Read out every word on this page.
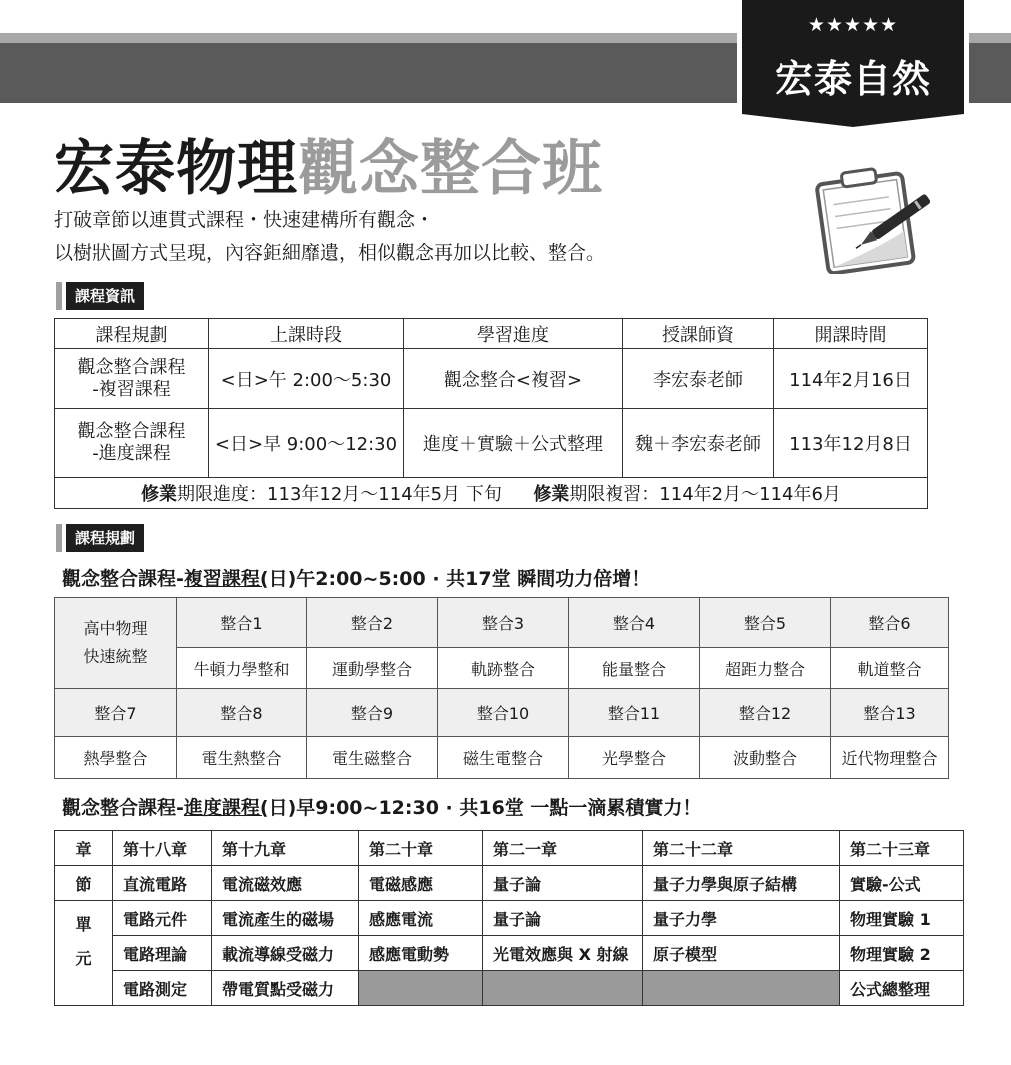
★★★★★
宏泰自然
宏泰物理觀念整合班
打破章節以連貫式課程・快速建構所有觀念・
以樹狀圖方式呈現，內容鉅細靡遺，相似觀念再加以比較、整合。
課程資訊
課程規劃	上課時段	學習進度	授課師資	開課時間

觀念整合課程
-複習課程	<日>午 2:00～5:30	觀念整合<複習>	李宏泰老師	114年2月16日

觀念整合課程
-進度課程	<日>早 9:00～12:30	進度＋實驗＋公式整理	魏＋李宏泰老師	113年12月8日
修業期限進度：113年12月～114年5月 下旬 修業期限複習：114年2月～114年6月				
課程規劃
觀念整合課程-複習課程(日)午2:00~5:00 · 共17堂 瞬間功力倍增！
高中物理
快速統整	整合1	整合2	整合3	整合4	整合5	整合6
	牛頓力學整和	運動學整合	軌跡整合	能量整合	超距力整合	軌道整合
整合7	整合8	整合9	整合10	整合11	整合12	整合13
熱學整合	電生熱整合	電生磁整合	磁生電整合	光學整合	波動整合	近代物理整合
觀念整合課程-進度課程(日)早9:00~12:30 · 共16堂 一點一滴累積實力！
章	第十八章	第十九章	第二十章	第二一章	第二十二章	第二十三章
節	直流電路	電流磁效應	電磁感應	量子論	量子力學與原子結構	實驗-公式

單
元	電路元件	電流產生的磁場	感應電流	量子論	量子力學	物理實驗 1
	電路理論	載流導線受磁力	感應電動勢	光電效應與 X 射線	原子模型	物理實驗 2
	電路測定	帶電質點受磁力				公式總整理
